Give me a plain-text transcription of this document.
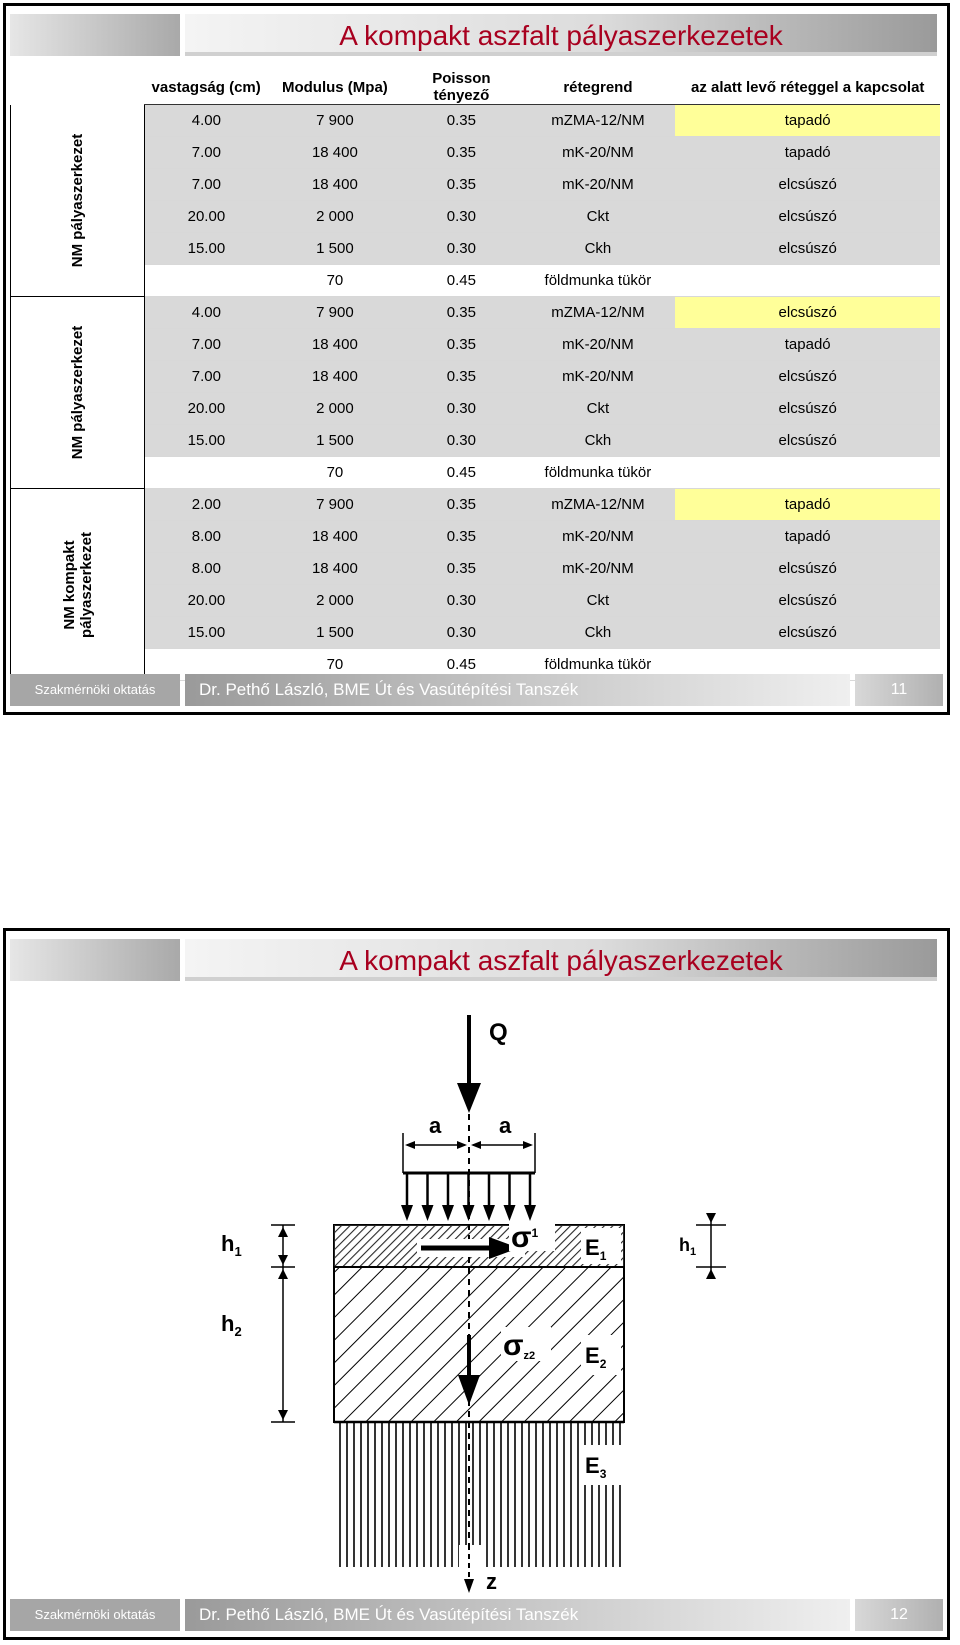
A kompakt aszfalt pályaszerkezetek
	vastagság (cm)	Modulus (Mpa)	Poisson tényező	rétegrend	az alatt levő réteggel a kapcsolat
NM pályaszerkezet	4.00	7 900	0.35	mZMA-12/NM	tapadó
	7.00	18 400	0.35	mK-20/NM	tapadó
	7.00	18 400	0.35	mK-20/NM	elcsúszó
	20.00	2 000	0.30	Ckt	elcsúszó
	15.00	1 500	0.30	Ckh	elcsúszó
		70	0.45	földmunka tükör	
NM pályaszerkezet	4.00	7 900	0.35	mZMA-12/NM	elcsúszó
	7.00	18 400	0.35	mK-20/NM	tapadó
	7.00	18 400	0.35	mK-20/NM	elcsúszó
	20.00	2 000	0.30	Ckt	elcsúszó
	15.00	1 500	0.30	Ckh	elcsúszó
		70	0.45	földmunka tükör	

NM kompakt pályaszerkezet	2.00	7 900	0.35	mZMA-12/NM	tapadó
	8.00	18 400	0.35	mK-20/NM	tapadó
	8.00	18 400	0.35	mK-20/NM	elcsúszó
	20.00	2 000	0.30	Ckt	elcsúszó
	15.00	1 500	0.30	Ckh	elcsúszó
		70	0.45	földmunka tükör	
Szakmérnöki oktatás	Dr. Pethő László, BME Út és Vasútépítési Tanszék	11
A kompakt aszfalt pályaszerkezetek
Q
a	a
$h_1$
$h_2$
$h_1$
$\sigma^1$
σz2
$E_1$
$E_2$
$E_3$
z
Szakmérnöki oktatás	Dr. Pethő László, BME Út és Vasútépítési Tanszék	12
